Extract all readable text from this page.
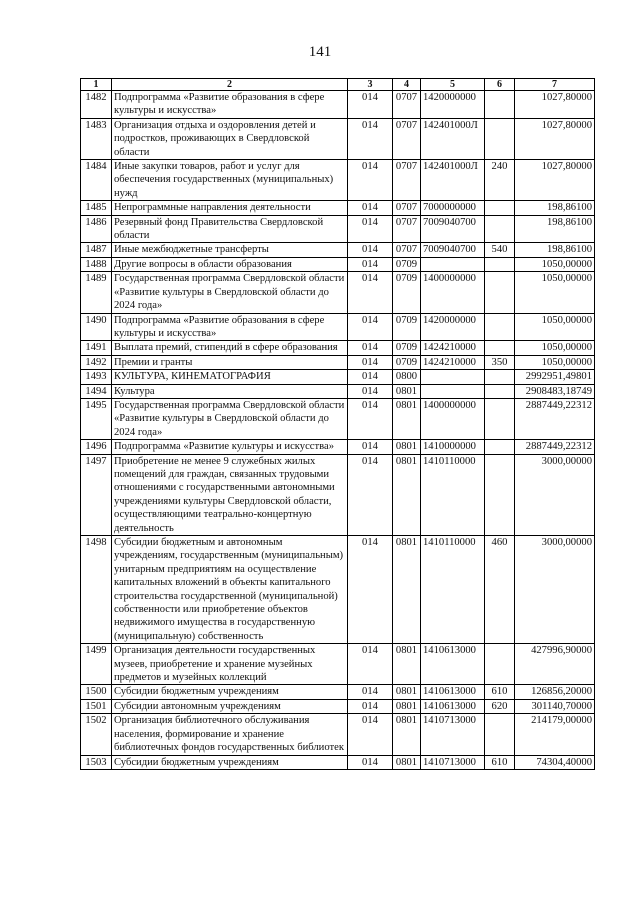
141
1	2	3	4	5	6	7
1482	Подпрограмма «Развитие образования в сфере культуры и искусства»	014	0707	1420000000		1027,80000
1483	Организация отдыха и оздоровления детей и подростков, проживающих в Свердловской области	014	0707	142401000Л		1027,80000
1484	Иные закупки товаров, работ и услуг для обеспечения государственных (муниципальных) нужд	014	0707	142401000Л	240	1027,80000
1485	Непрограммные направления деятельности	014	0707	7000000000		198,86100
1486	Резервный фонд Правительства Свердловской области	014	0707	7009040700		198,86100
1487	Иные межбюджетные трансферты	014	0707	7009040700	540	198,86100
1488	Другие вопросы в области образования	014	0709			1050,00000
1489	Государственная программа Свердловской области «Развитие культуры в Свердловской области до 2024 года»	014	0709	1400000000		1050,00000
1490	Подпрограмма «Развитие образования в сфере культуры и искусства»	014	0709	1420000000		1050,00000
1491	Выплата премий, стипендий в сфере образования	014	0709	1424210000		1050,00000
1492	Премии и гранты	014	0709	1424210000	350	1050,00000
1493	КУЛЬТУРА, КИНЕМАТОГРАФИЯ	014	0800			2992951,49801
1494	Культура	014	0801			2908483,18749
1495	Государственная программа Свердловской области «Развитие культуры в Свердловской области до 2024 года»	014	0801	1400000000		2887449,22312
1496	Подпрограмма «Развитие культуры и искусства»	014	0801	1410000000		2887449,22312
1497	Приобретение не менее 9 служебных жилых помещений для граждан, связанных трудовыми отношениями с государственными автономными учреждениями культуры Свердловской области, осуществляющими театрально-концертную деятельность	014	0801	1410110000		3000,00000
1498	Субсидии бюджетным и автономным учреждениям, государственным (муниципальным) унитарным предприятиям на осуществление капитальных вложений в объекты капитального строительства государственной (муниципальной) собственности или приобретение объектов недвижимого имущества в государственную (муниципальную) собственность	014	0801	1410110000	460	3000,00000
1499	Организация деятельности государственных музеев, приобретение и хранение музейных предметов и музейных коллекций	014	0801	1410613000		427996,90000
1500	Субсидии бюджетным учреждениям	014	0801	1410613000	610	126856,20000
1501	Субсидии автономным учреждениям	014	0801	1410613000	620	301140,70000
1502	Организация библиотечного обслуживания населения, формирование и хранение библиотечных фондов государственных библиотек	014	0801	1410713000		214179,00000
1503	Субсидии бюджетным учреждениям	014	0801	1410713000	610	74304,40000
